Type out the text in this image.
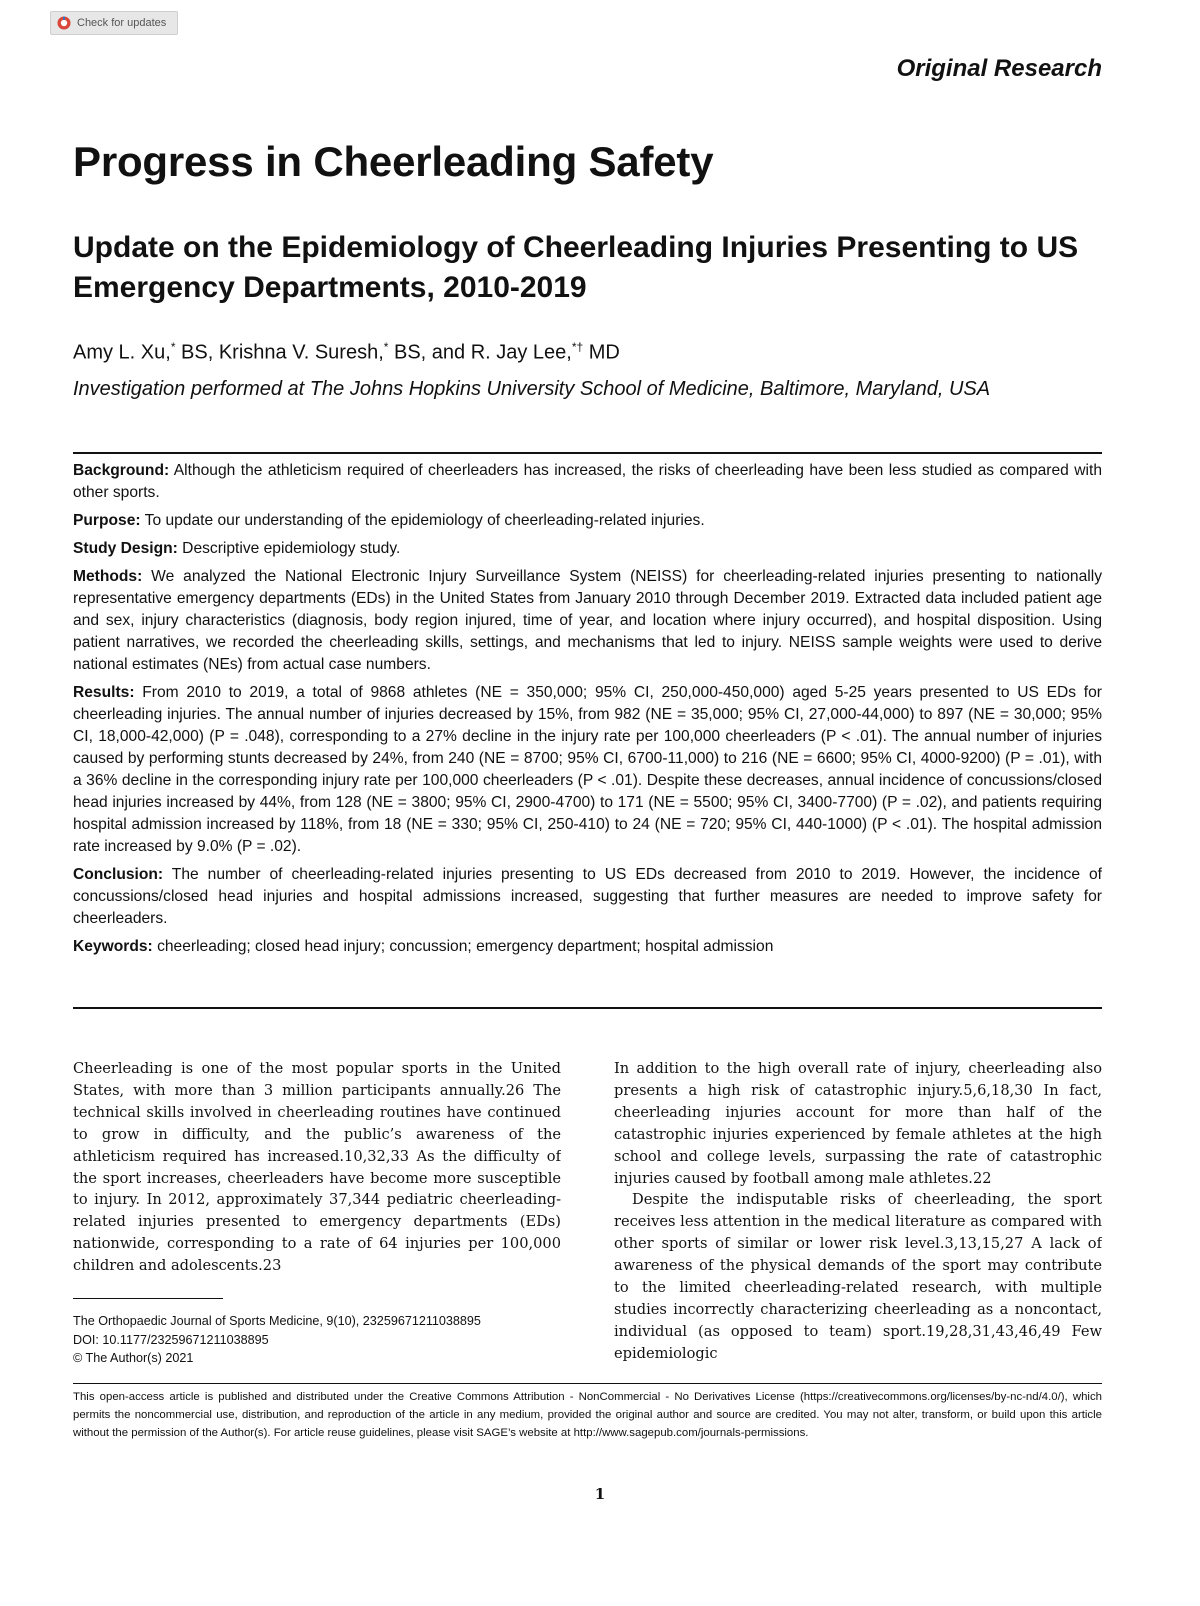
Check for updates
Original Research
Progress in Cheerleading Safety
Update on the Epidemiology of Cheerleading Injuries Presenting to US Emergency Departments, 2010-2019
Amy L. Xu,* BS, Krishna V. Suresh,* BS, and R. Jay Lee,*† MD
Investigation performed at The Johns Hopkins University School of Medicine, Baltimore, Maryland, USA

Background: Although the athleticism required of cheerleaders has increased, the risks of cheerleading have been less studied as compared with other sports.

Purpose: To update our understanding of the epidemiology of cheerleading-related injuries.

Study Design: Descriptive epidemiology study.

Methods: We analyzed the National Electronic Injury Surveillance System (NEISS) for cheerleading-related injuries presenting to nationally representative emergency departments (EDs) in the United States from January 2010 through December 2019. Extracted data included patient age and sex, injury characteristics (diagnosis, body region injured, time of year, and location where injury occurred), and hospital disposition. Using patient narratives, we recorded the cheerleading skills, settings, and mechanisms that led to injury. NEISS sample weights were used to derive national estimates (NEs) from actual case numbers.

Results: From 2010 to 2019, a total of 9868 athletes (NE = 350,000; 95% CI, 250,000-450,000) aged 5-25 years presented to US EDs for cheerleading injuries. The annual number of injuries decreased by 15%, from 982 (NE = 35,000; 95% CI, 27,000-44,000) to 897 (NE = 30,000; 95% CI, 18,000-42,000) (P = .048), corresponding to a 27% decline in the injury rate per 100,000 cheerleaders (P < .01). The annual number of injuries caused by performing stunts decreased by 24%, from 240 (NE = 8700; 95% CI, 6700-11,000) to 216 (NE = 6600; 95% CI, 4000-9200) (P = .01), with a 36% decline in the corresponding injury rate per 100,000 cheerleaders (P < .01). Despite these decreases, annual incidence of concussions/closed head injuries increased by 44%, from 128 (NE = 3800; 95% CI, 2900-4700) to 171 (NE = 5500; 95% CI, 3400-7700) (P = .02), and patients requiring hospital admission increased by 118%, from 18 (NE = 330; 95% CI, 250-410) to 24 (NE = 720; 95% CI, 440-1000) (P < .01). The hospital admission rate increased by 9.0% (P = .02).

Conclusion: The number of cheerleading-related injuries presenting to US EDs decreased from 2010 to 2019. However, the incidence of concussions/closed head injuries and hospital admissions increased, suggesting that further measures are needed to improve safety for cheerleaders.

Keywords: cheerleading; closed head injury; concussion; emergency department; hospital admission

Cheerleading is one of the most popular sports in the United States, with more than 3 million participants annually.26 The technical skills involved in cheerleading routines have continued to grow in difficulty, and the public’s awareness of the athleticism required has increased.10,32,33 As the difficulty of the sport increases, cheerleaders have become more susceptible to injury. In 2012, approximately 37,344 pediatric cheerleading-related injuries presented to emergency departments (EDs) nationwide, corresponding to a rate of 64 injuries per 100,000 children and adolescents.23

In addition to the high overall rate of injury, cheerleading also presents a high risk of catastrophic injury.5,6,18,30 In fact, cheerleading injuries account for more than half of the catastrophic injuries experienced by female athletes at the high school and college levels, surpassing the rate of catastrophic injuries caused by football among male athletes.22

Despite the indisputable risks of cheerleading, the sport receives less attention in the medical literature as compared with other sports of similar or lower risk level.3,13,15,27 A lack of awareness of the physical demands of the sport may contribute to the limited cheerleading-related research, with multiple studies incorrectly characterizing cheerleading as a noncontact, individual (as opposed to team) sport.19,28,31,43,46,49 Few epidemiologic

The Orthopaedic Journal of Sports Medicine, 9(10), 23259671211038895
DOI: 10.1177/23259671211038895
© The Author(s) 2021
This open-access article is published and distributed under the Creative Commons Attribution - NonCommercial - No Derivatives License (https://creativecommons.org/licenses/by-nc-nd/4.0/), which permits the noncommercial use, distribution, and reproduction of the article in any medium, provided the original author and source are credited. You may not alter, transform, or build upon this article without the permission of the Author(s). For article reuse guidelines, please visit SAGE’s website at http://www.sagepub.com/journals-permissions.
1
